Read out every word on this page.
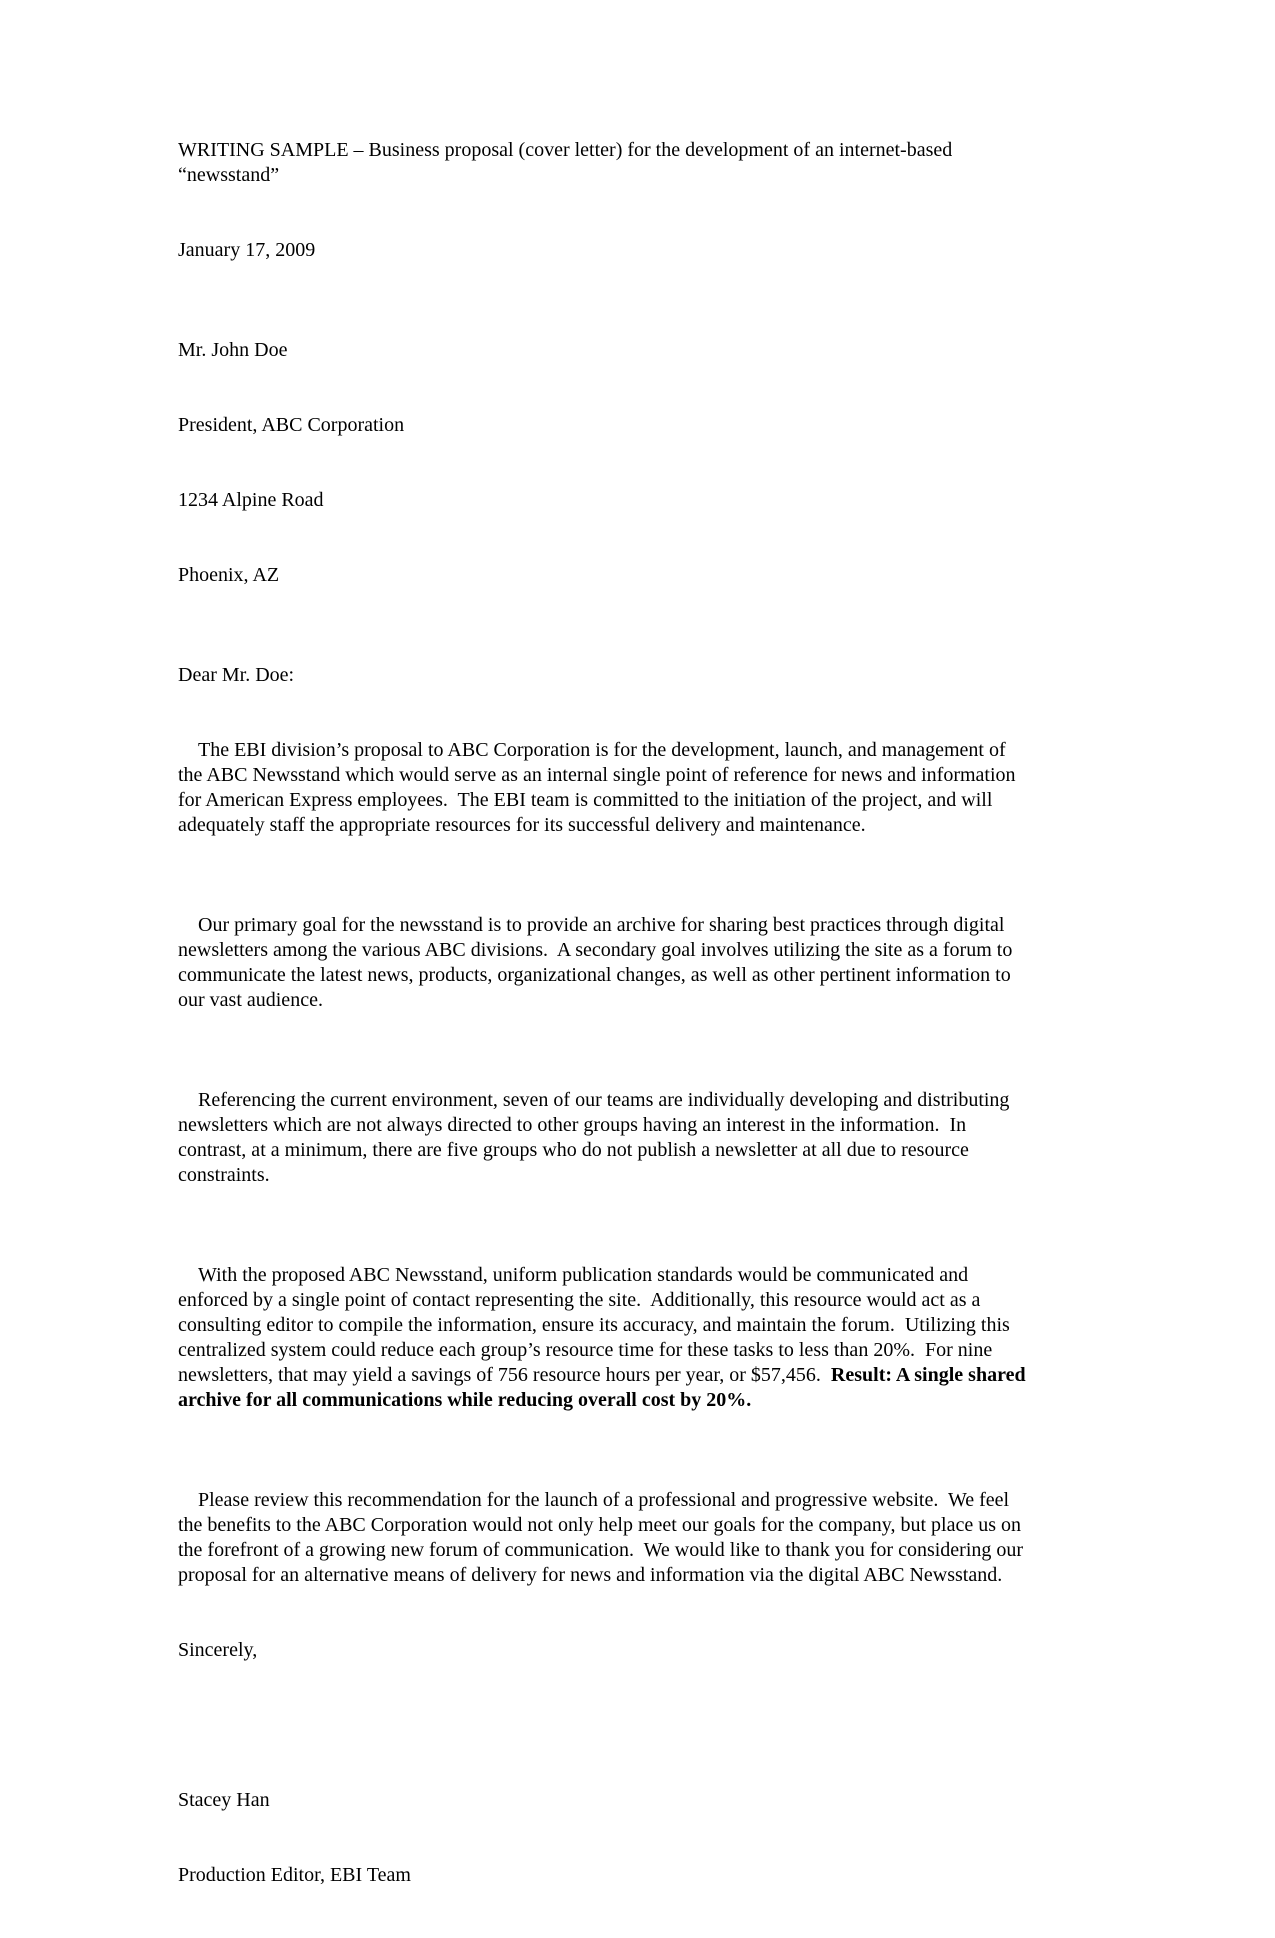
WRITING SAMPLE – Business proposal (cover letter) for the development of an internet-based “newsstand”
January 17, 2009

Mr. John Doe

President, ABC Corporation

1234 Alpine Road

Phoenix, AZ

Dear Mr. Doe:

The EBI division’s proposal to ABC Corporation is for the development, launch, and management of the ABC Newsstand which would serve as an internal single point of reference for news and information for American Express employees.  The EBI team is committed to the initiation of the project, and will adequately staff the appropriate resources for its successful delivery and maintenance.

Our primary goal for the newsstand is to provide an archive for sharing best practices through digital newsletters among the various ABC divisions.  A secondary goal involves utilizing the site as a forum to communicate the latest news, products, organizational changes, as well as other pertinent information to our vast audience.

Referencing the current environment, seven of our teams are individually developing and distributing newsletters which are not always directed to other groups having an interest in the information.  In contrast, at a minimum, there are five groups who do not publish a newsletter at all due to resource constraints.

With the proposed ABC Newsstand, uniform publication standards would be communicated and enforced by a single point of contact representing the site.  Additionally, this resource would act as a consulting editor to compile the information, ensure its accuracy, and maintain the forum.  Utilizing this centralized system could reduce each group’s resource time for these tasks to less than 20%.  For nine newsletters, that may yield a savings of 756 resource hours per year, or $57,456.  Result: A single shared archive for all communications while reducing overall cost by 20%.

Please review this recommendation for the launch of a professional and progressive website.  We feel the benefits to the ABC Corporation would not only help meet our goals for the company, but place us on the forefront of a growing new forum of communication.  We would like to thank you for considering our proposal for an alternative means of delivery for news and information via the digital ABC Newsstand.

Sincerely,

Stacey Han

Production Editor, EBI Team
